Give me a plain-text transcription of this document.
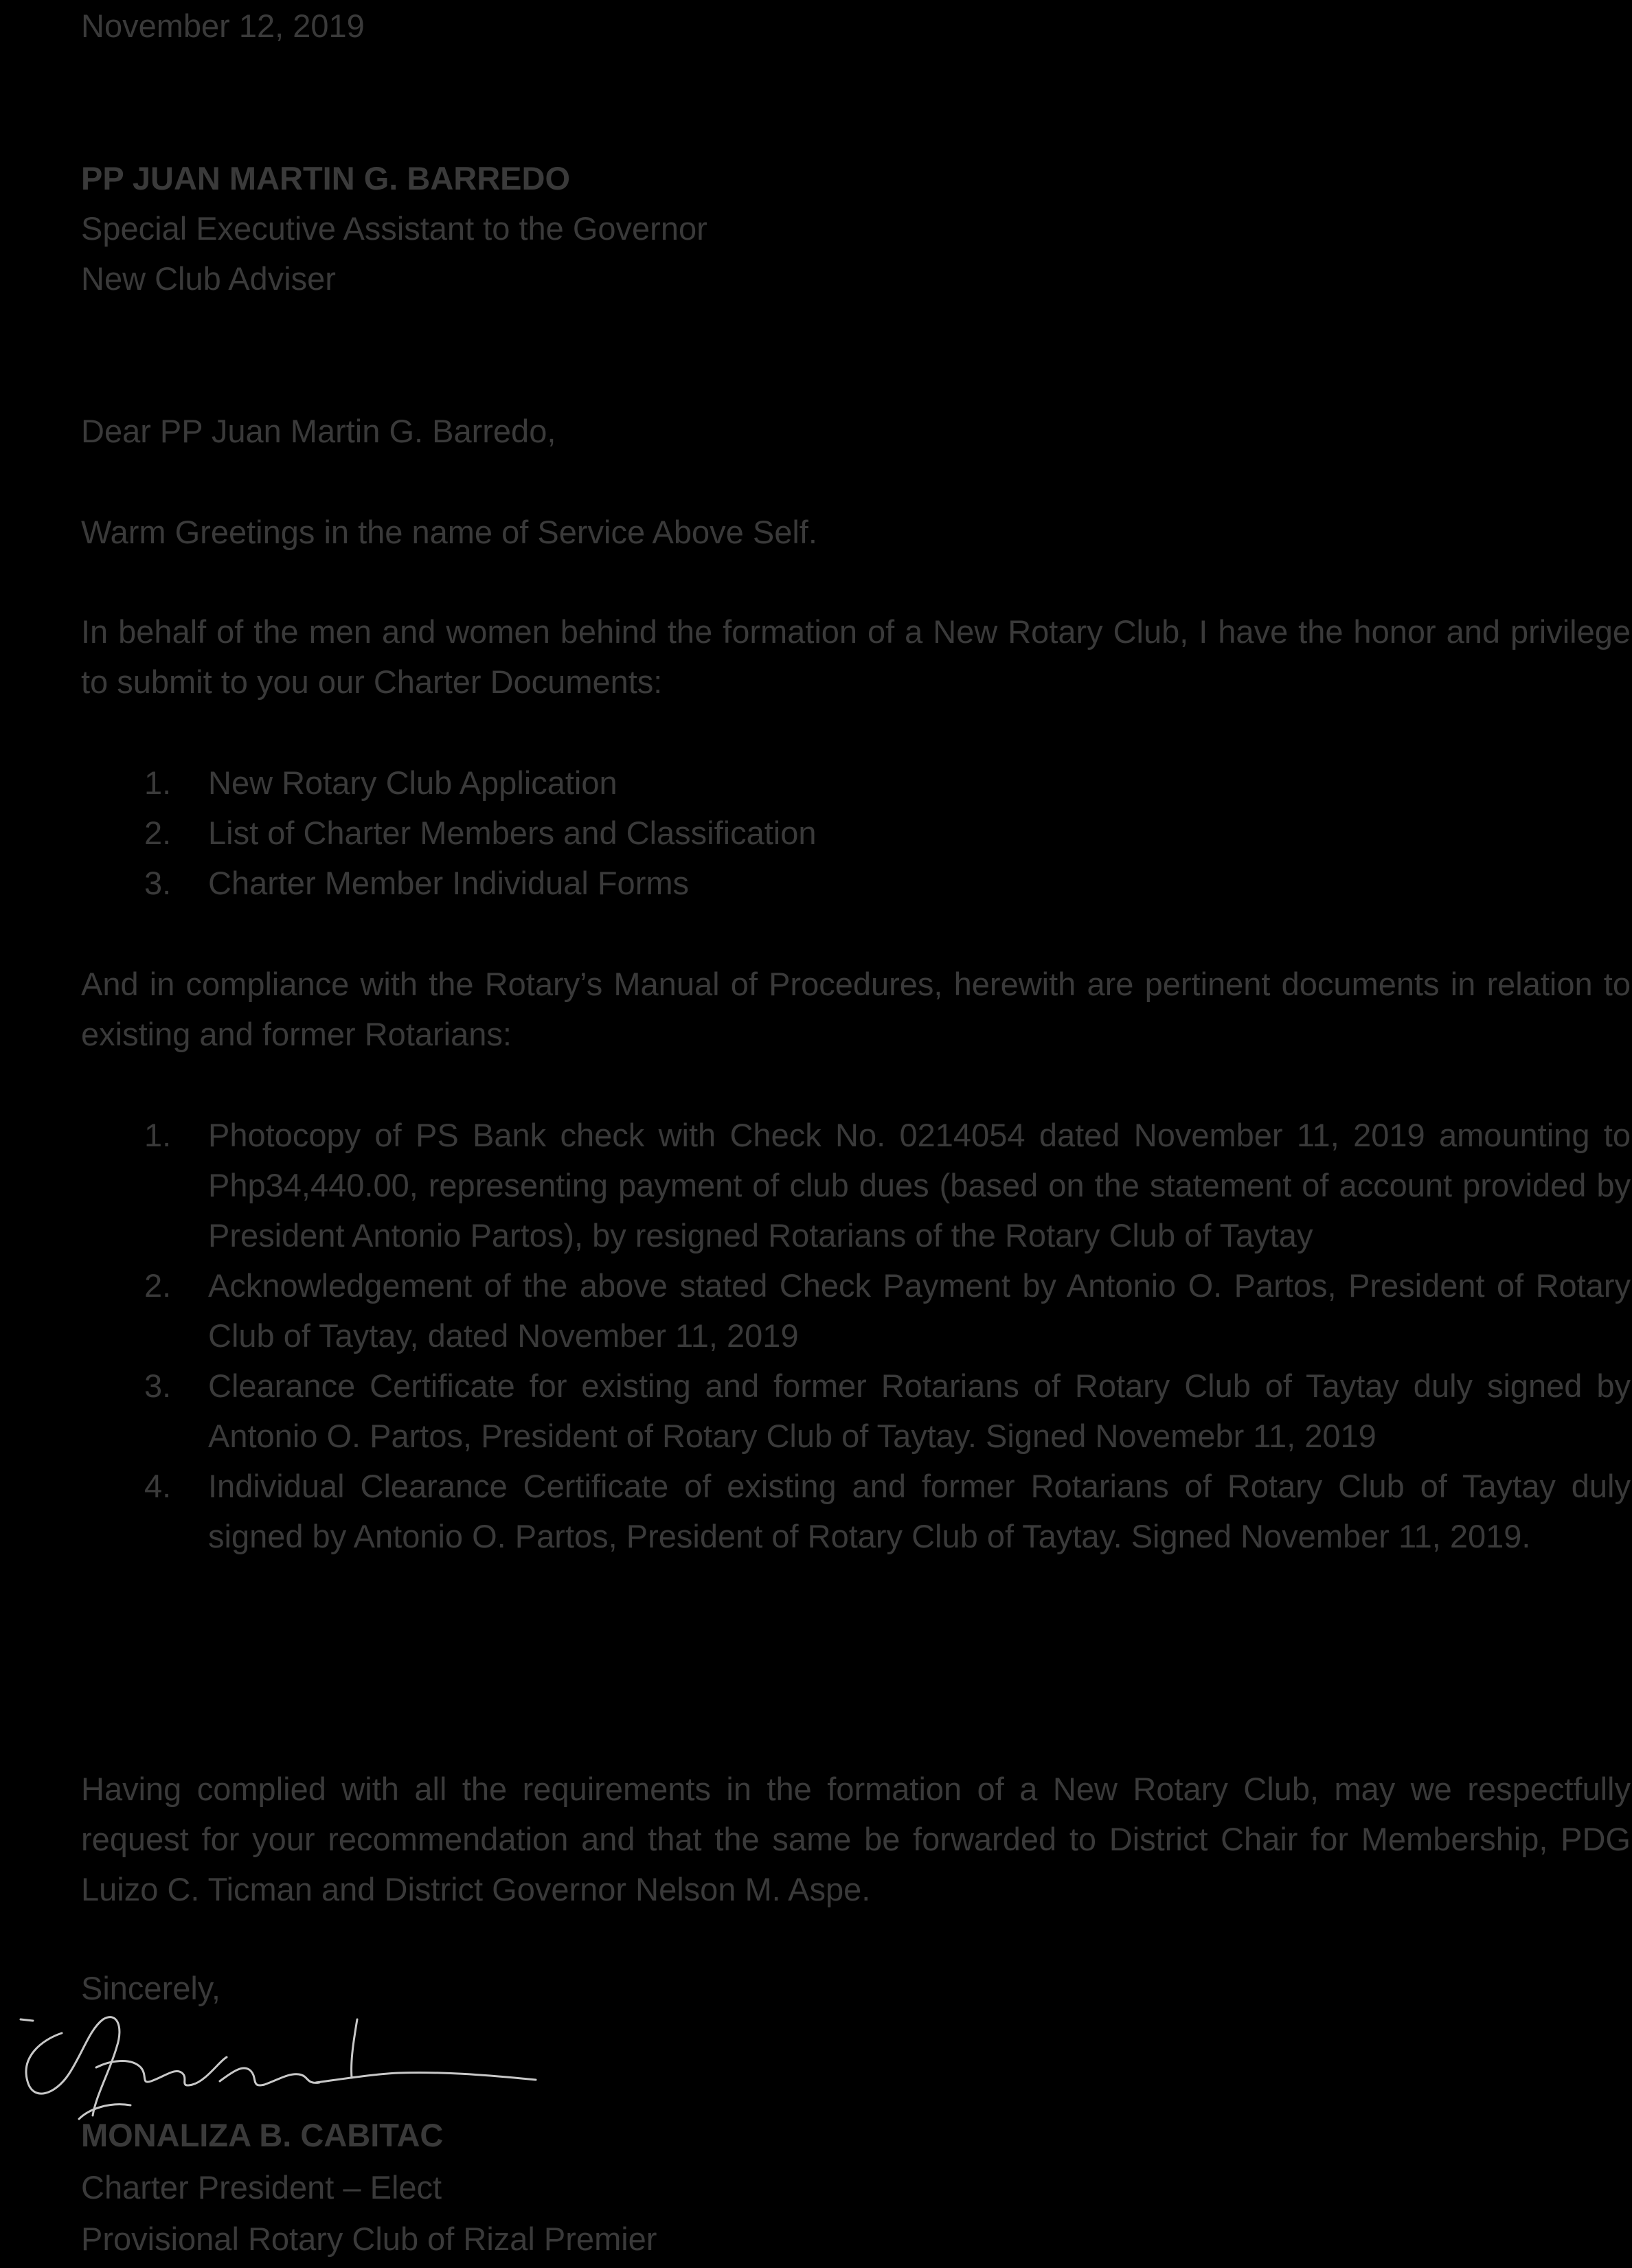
November 12, 2019
PP JUAN MARTIN G. BARREDO
Special Executive Assistant to the Governor
New Club Adviser
Dear PP Juan Martin G. Barredo,
Warm Greetings in the name of Service Above Self.
In behalf of the men and women behind the formation of a New Rotary Club, I have the honor and privilege to submit to you our Charter Documents:
1. New Rotary Club Application
2. List of Charter Members and Classification
3. Charter Member Individual Forms
And in compliance with the Rotary’s Manual of Procedures, herewith are pertinent documents in relation to existing and former Rotarians:
1. Photocopy of PS Bank check with Check No. 0214054 dated November 11, 2019 amounting to Php34,440.00, representing payment of club dues (based on the statement of account provided by President Antonio Partos), by resigned Rotarians of the Rotary Club of Taytay
2. Acknowledgement of the above stated Check Payment by Antonio O. Partos, President of Rotary Club of Taytay, dated November 11, 2019
3. Clearance Certificate for existing and former Rotarians of Rotary Club of Taytay duly signed by Antonio O. Partos, President of Rotary Club of Taytay. Signed Novemebr 11, 2019
4. Individual Clearance Certificate of existing and former Rotarians of Rotary Club of Taytay duly signed by Antonio O. Partos, President of Rotary Club of Taytay. Signed November 11, 2019.
Having complied with all the requirements in the formation of a New Rotary Club, may we respectfully request for your recommendation and that the same be forwarded to District Chair for Membership, PDG Luizo C. Ticman and District Governor Nelson M. Aspe.
Sincerely,
MONALIZA B. CABITAC
Charter President – Elect
Provisional Rotary Club of Rizal Premier
